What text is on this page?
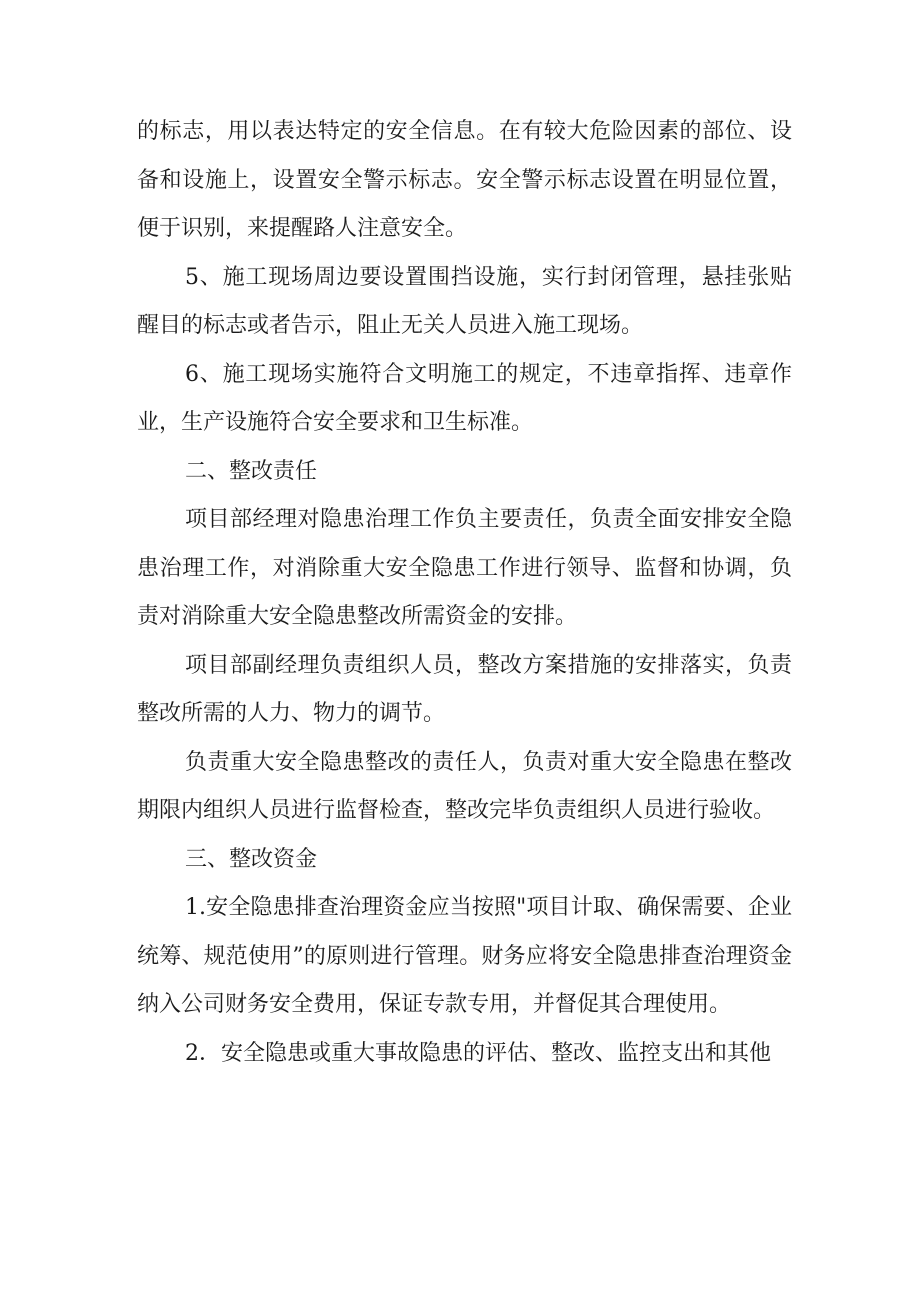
的标志，用以表达特定的安全信息。在有较大危险因素的部位、设备和设施上，设置安全警示标志。安全警示标志设置在明显位置，便于识别，来提醒路人注意安全。

5、施工现场周边要设置围挡设施，实行封闭管理，悬挂张贴醒目的标志或者告示，阻止无关人员进入施工现场。

6、施工现场实施符合文明施工的规定，不违章指挥、违章作业，生产设施符合安全要求和卫生标准。

二、整改责任

项目部经理对隐患治理工作负主要责任，负责全面安排安全隐患治理工作，对消除重大安全隐患工作进行领导、监督和协调，负责对消除重大安全隐患整改所需资金的安排。

项目部副经理负责组织人员，整改方案措施的安排落实，负责整改所需的人力、物力的调节。

负责重大安全隐患整改的责任人，负责对重大安全隐患在整改期限内组织人员进行监督检查，整改完毕负责组织人员进行验收。

三、整改资金

1.安全隐患排查治理资金应当按照"项目计取、确保需要、企业统筹、规范使用”的原则进行管理。财务应将安全隐患排查治理资金纳入公司财务安全费用，保证专款专用，并督促其合理使用。

2．安全隐患或重大事故隐患的评估、整改、监控支出和其他
